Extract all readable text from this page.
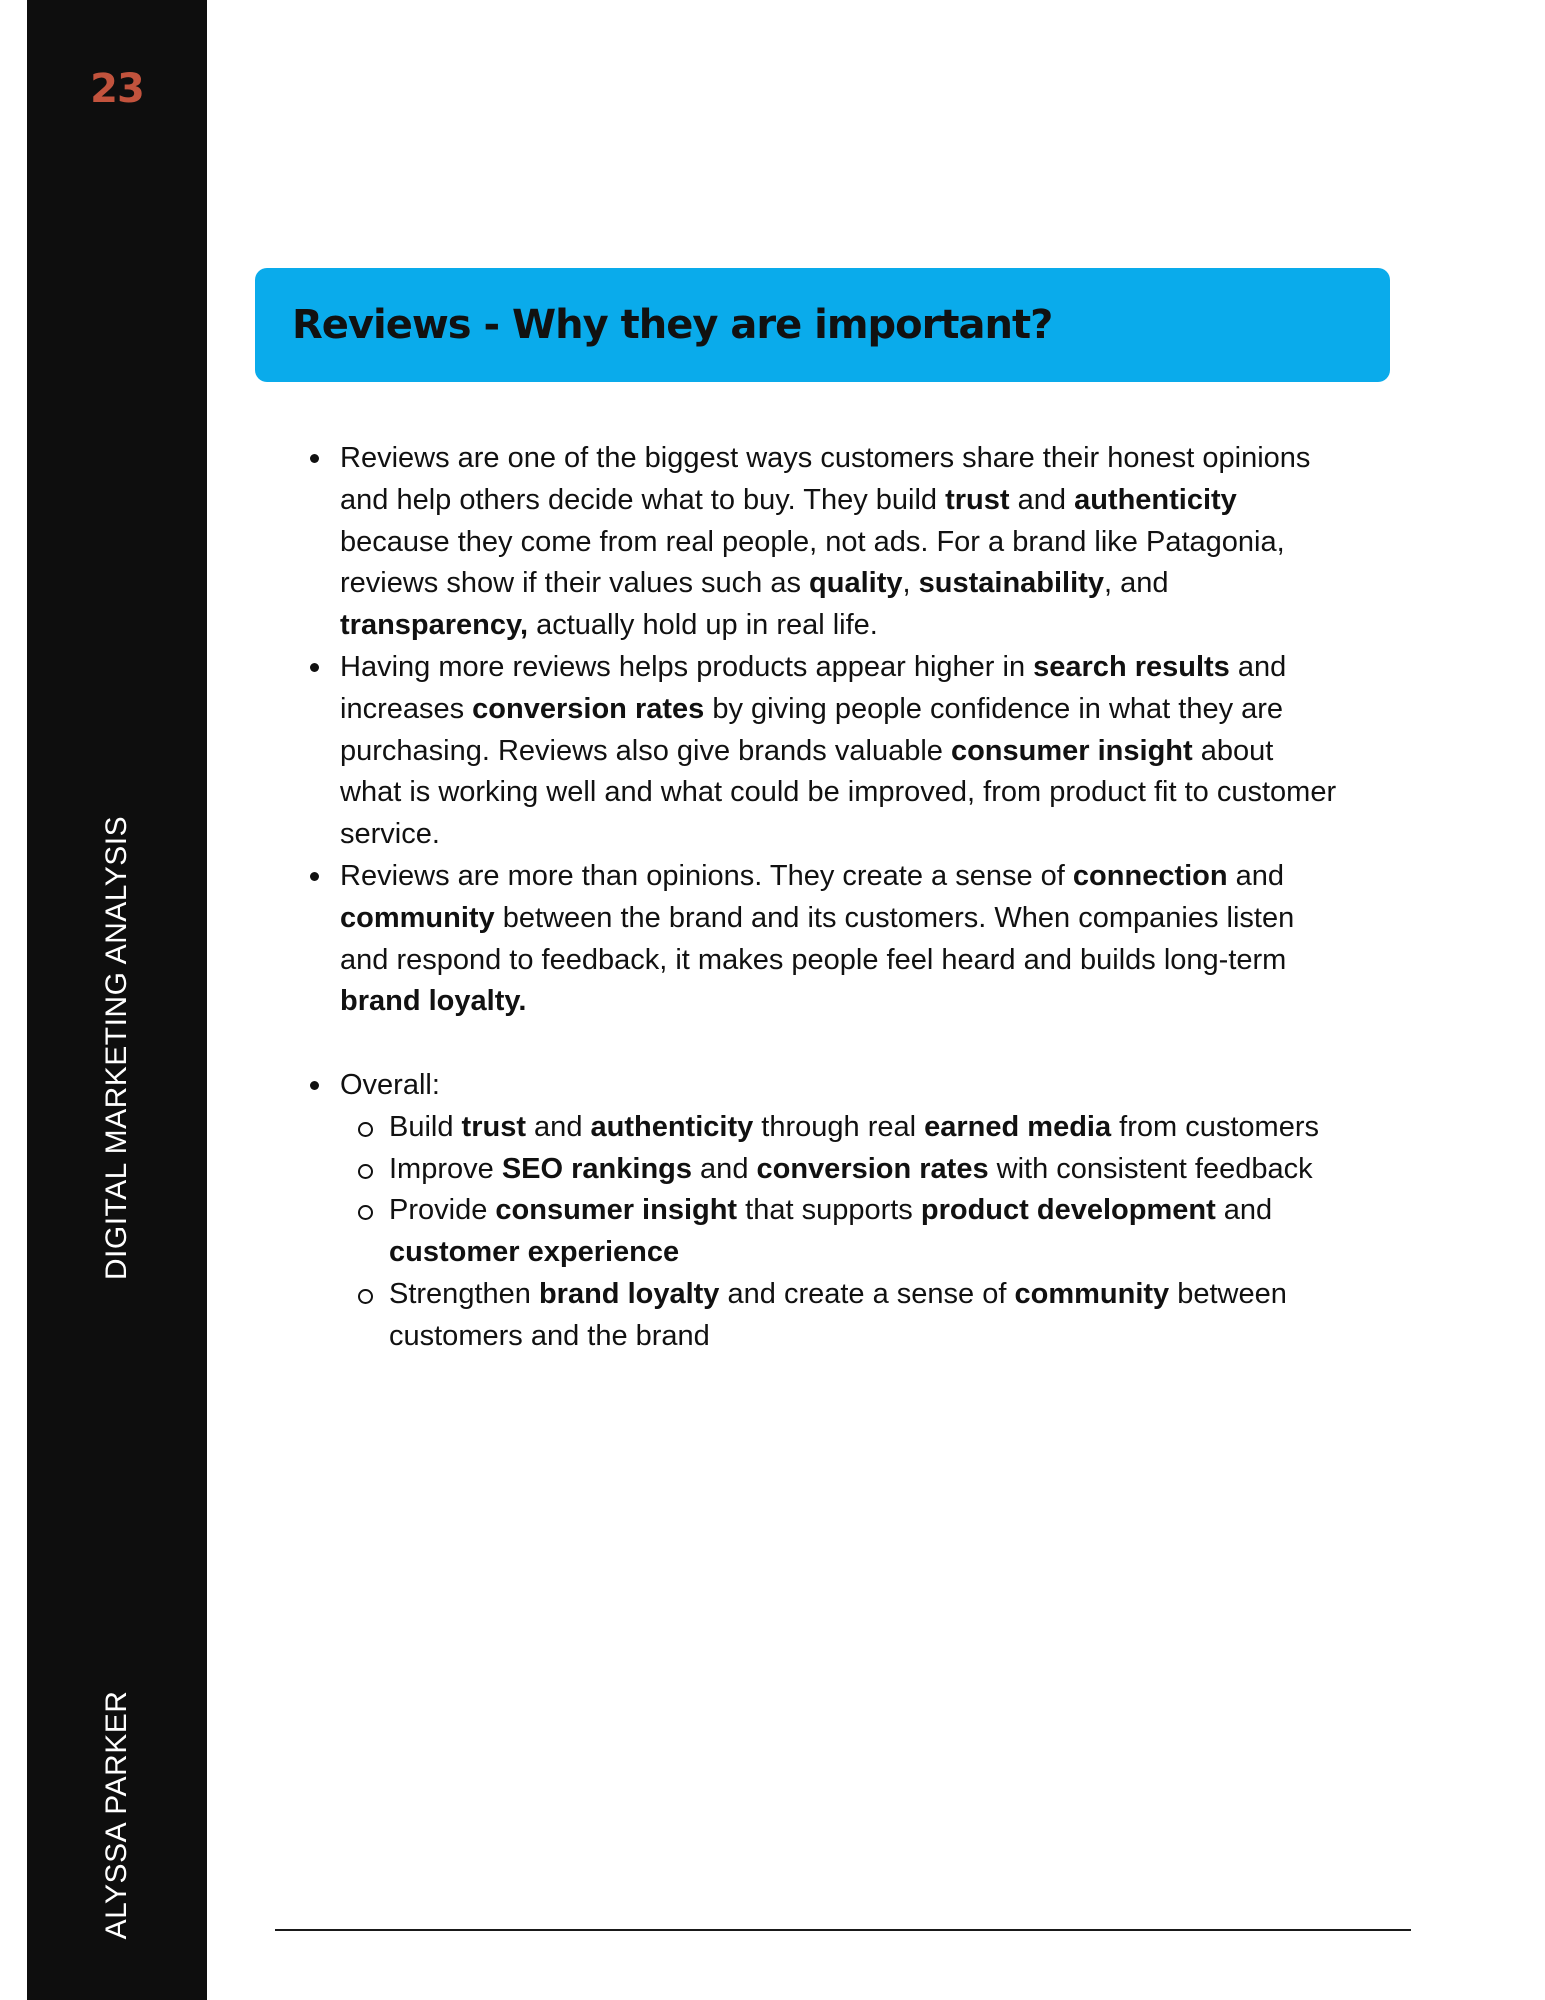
23
DIGITAL MARKETING ANALYSIS
ALYSSA PARKER
Reviews - Why they are important?
Reviews are one of the biggest ways customers share their honest opinions and help others decide what to buy. They build trust and authenticity because they come from real people, not ads. For a brand like Patagonia, reviews show if their values such as quality, sustainability, and transparency, actually hold up in real life.
Having more reviews helps products appear higher in search results and increases conversion rates by giving people confidence in what they are purchasing. Reviews also give brands valuable consumer insight about what is working well and what could be improved, from product fit to customer service.
Reviews are more than opinions. They create a sense of connection and community between the brand and its customers. When companies listen and respond to feedback, it makes people feel heard and builds long-term brand loyalty.
Overall:
Build trust and authenticity through real earned media from customers
Improve SEO rankings and conversion rates with consistent feedback
Provide consumer insight that supports product development and customer experience
Strengthen brand loyalty and create a sense of community between customers and the brand
